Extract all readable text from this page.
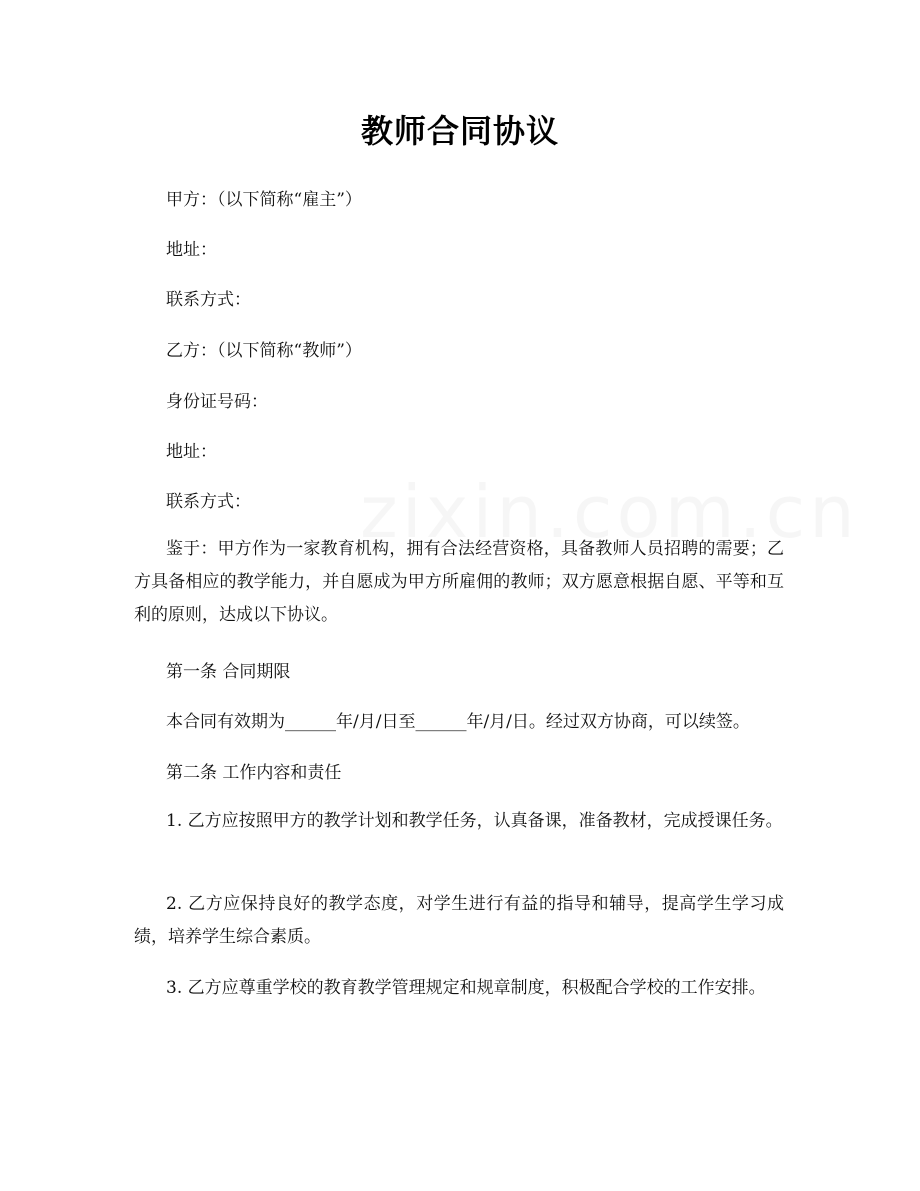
教师合同协议
甲方：（以下简称“雇主”）
地址：
联系方式：
乙方：（以下简称“教师”）
身份证号码：
地址：
联系方式：
鉴于：甲方作为一家教育机构，拥有合法经营资格，具备教师人员招聘的需要；乙方具备相应的教学能力，并自愿成为甲方所雇佣的教师；双方愿意根据自愿、平等和互利的原则，达成以下协议。
第一条 合同期限
本合同有效期为______年/月/日至______年/月/日。经过双方协商，可以续签。
第二条 工作内容和责任
1. 乙方应按照甲方的教学计划和教学任务，认真备课，准备教材，完成授课任务。
2. 乙方应保持良好的教学态度，对学生进行有益的指导和辅导，提高学生学习成绩，培养学生综合素质。
3. 乙方应尊重学校的教育教学管理规定和规章制度，积极配合学校的工作安排。
